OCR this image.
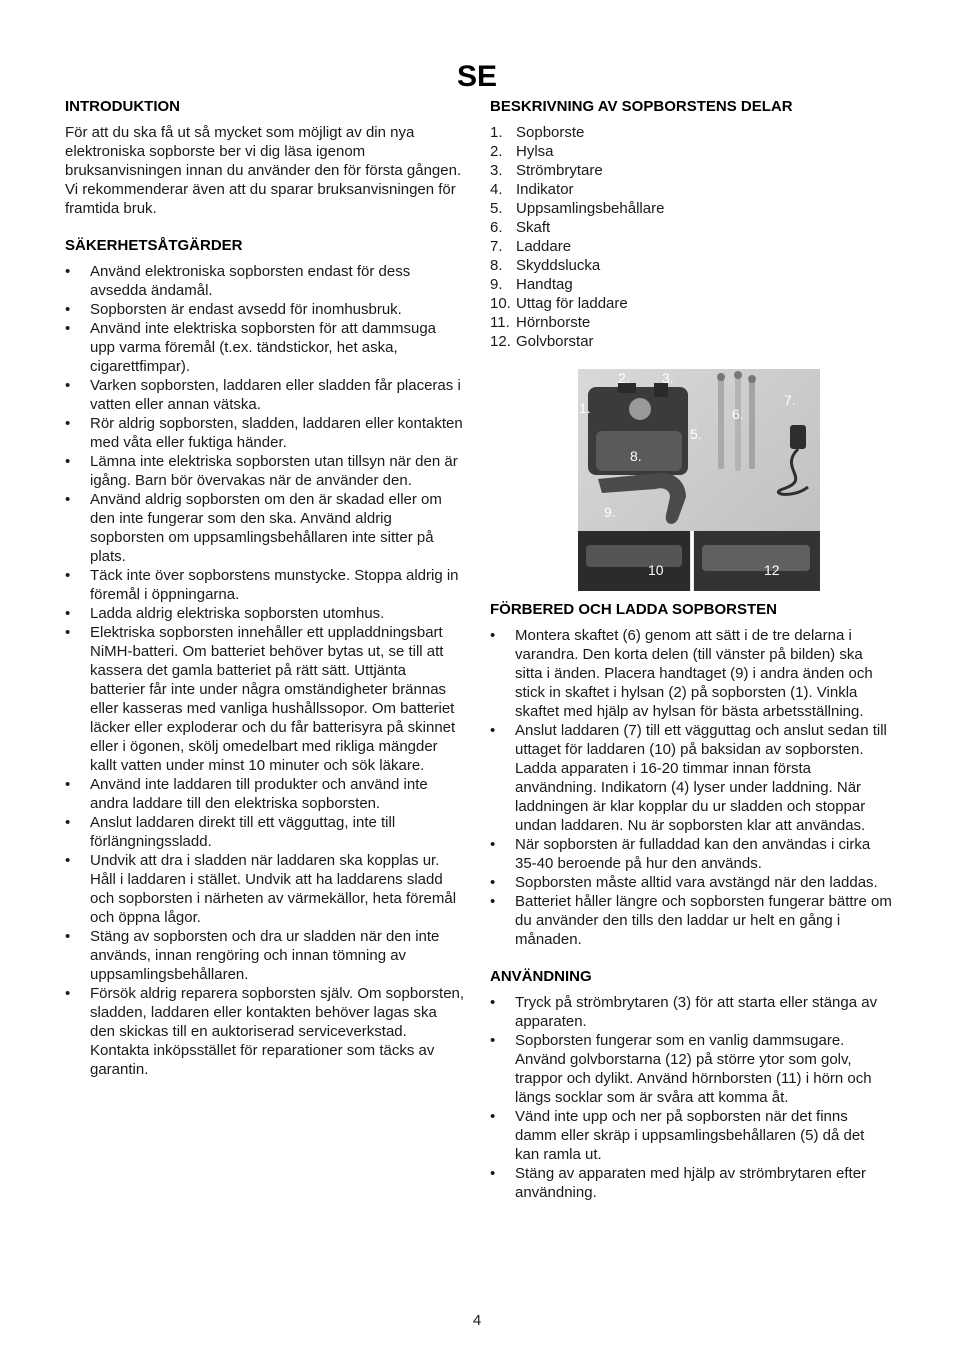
SE
INTRODUKTION

För att du ska få ut så mycket som möjligt av din nya elektroniska sopborste ber vi dig läsa igenom bruksanvisningen innan du använder den för första gången. Vi rekommenderar även att du sparar bruksanvisningen för framtida bruk.

SÄKERHETSÅTGÄRDER
• Använd elektroniska sopborsten endast för dess avsedda ändamål.
• Sopborsten är endast avsedd för inomhusbruk.
• Använd inte elektriska sopborsten för att dammsuga upp varma föremål (t.ex. tändstickor, het aska, cigarettfimpar).
• Varken sopborsten, laddaren eller sladden får placeras i vatten eller annan vätska.
• Rör aldrig sopborsten, sladden, laddaren eller kontakten med våta eller fuktiga händer.
• Lämna inte elektriska sopborsten utan tillsyn när den är igång. Barn bör övervakas när de använder den.
• Använd aldrig sopborsten om den är skadad eller om den inte fungerar som den ska. Använd aldrig sopborsten om uppsamlingsbehållaren inte sitter på plats.
• Täck inte över sopborstens munstycke. Stoppa aldrig in föremål i öppningarna.
• Ladda aldrig elektriska sopborsten utomhus.
• Elektriska sopborsten innehåller ett uppladdningsbart NiMH-batteri. Om batteriet behöver bytas ut, se till att kassera det gamla batteriet på rätt sätt. Uttjänta batterier får inte under några omständigheter brännas eller kasseras med vanliga hushållssopor. Om batteriet läcker eller exploderar och du får batterisyra på skinnet eller i ögonen, skölj omedelbart med rikliga mängder kallt vatten under minst 10 minuter och sök läkare.
• Använd inte laddaren till produkter och använd inte andra laddare till den elektriska sopborsten.
• Anslut laddaren direkt till ett vägguttag, inte till förlängningssladd.
• Undvik att dra i sladden när laddaren ska kopplas ur. Håll i laddaren i stället. Undvik att ha laddarens sladd och sopborsten i närheten av värmekällor, heta föremål och öppna lågor.
• Stäng av sopborsten och dra ur sladden när den inte används, innan rengöring och innan tömning av uppsamlingsbehållaren.
• Försök aldrig reparera sopborsten själv. Om sopborsten, sladden, laddaren eller kontakten behöver lagas ska den skickas till en auktoriserad serviceverkstad. Kontakta inköpsstället för reparationer som täcks av garantin.
BESKRIVNING AV SOPBORSTENS DELAR
1. Sopborste
2. Hylsa
3. Strömbrytare
4. Indikator
5. Uppsamlingsbehållare
6. Skaft
7. Laddare
8. Skyddslucka
9. Handtag
10. Uttag för laddare
11. Hörnborste
12. Golvborstar
1.
2. 3.
5.
6.
7.
8.
9.
10	12
FÖRBERED OCH LADDA SOPBORSTEN
• Montera skaftet (6) genom att sätt i de tre delarna i varandra. Den korta delen (till vänster på bilden) ska sitta i änden. Placera handtaget (9) i andra änden och stick in skaftet i hylsan (2) på sopborsten (1). Vinkla skaftet med hjälp av hylsan för bästa arbetsställning.
• Anslut laddaren (7) till ett vägguttag och anslut sedan till uttaget för laddaren (10) på baksidan av sopborsten. Ladda apparaten i 16-20 timmar innan första användning. Indikatorn (4) lyser under laddning. När laddningen är klar kopplar du ur sladden och stoppar undan laddaren. Nu är sopborsten klar att användas.
• När sopborsten är fulladdad kan den användas i cirka 35-40 beroende på hur den används.
• Sopborsten måste alltid vara avstängd när den laddas.
• Batteriet håller längre och sopborsten fungerar bättre om du använder den tills den laddar ur helt en gång i månaden.
ANVÄNDNING
• Tryck på strömbrytaren (3) för att starta eller stänga av apparaten.
• Sopborsten fungerar som en vanlig dammsugare. Använd golvborstarna (12) på större ytor som golv, trappor och dylikt. Använd hörnborsten (11) i hörn och längs socklar som är svåra att komma åt.
• Vänd inte upp och ner på sopborsten när det finns damm eller skräp i uppsamlingsbehållaren (5) då det kan ramla ut.
• Stäng av apparaten med hjälp av strömbrytaren efter användning.
4
